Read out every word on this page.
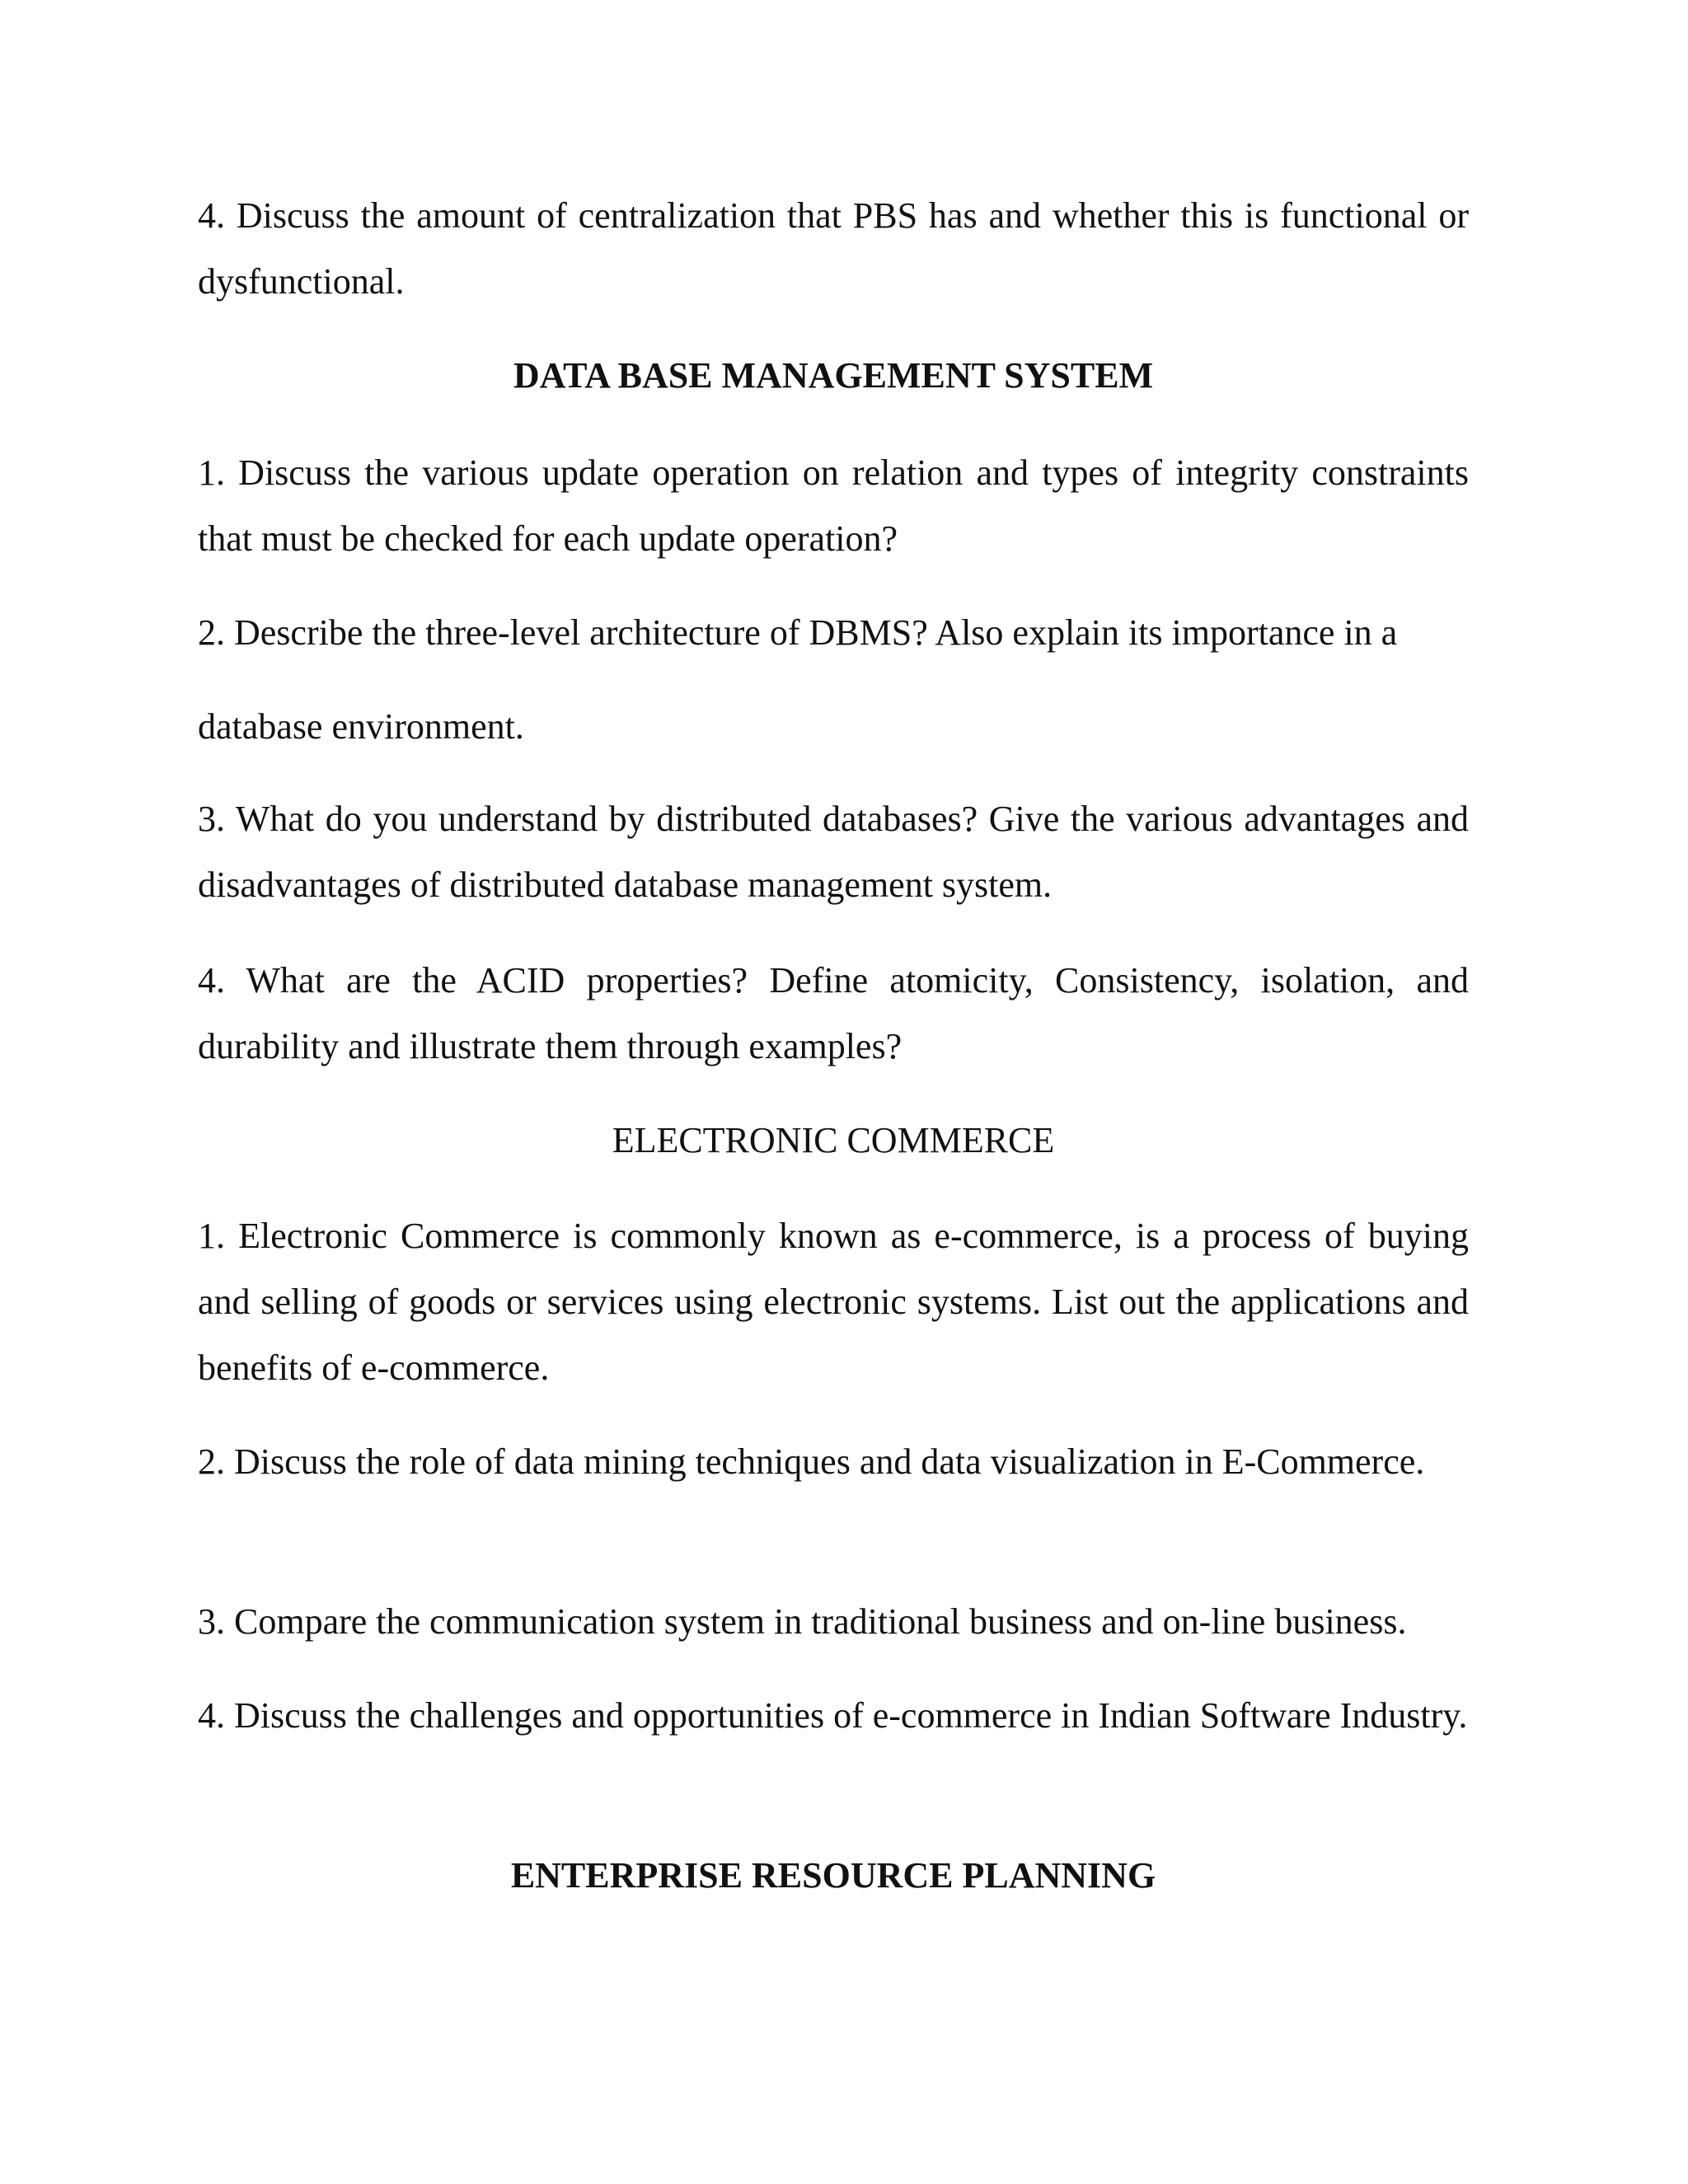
4. Discuss the amount of centralization that PBS has and whether this is functional or dysfunctional.

DATA BASE MANAGEMENT SYSTEM

1. Discuss the various update operation on relation and types of integrity constraints that must be checked for each update operation?

2. Describe the three-level architecture of DBMS? Also explain its importance in a

database environment.

3. What do you understand by distributed databases? Give the various advantages and disadvantages of distributed database management system.

4. What are the ACID properties? Define atomicity, Consistency, isolation, and durability and illustrate them through examples?

ELECTRONIC COMMERCE

1. Electronic Commerce is commonly known as e-commerce, is a process of buying and selling of goods or services using electronic systems. List out the applications and benefits of e-commerce.

2. Discuss the role of data mining techniques and data visualization in E-Commerce.

3. Compare the communication system in traditional business and on-line business.

4. Discuss the challenges and opportunities of e-commerce in Indian Software Industry.

ENTERPRISE RESOURCE PLANNING
